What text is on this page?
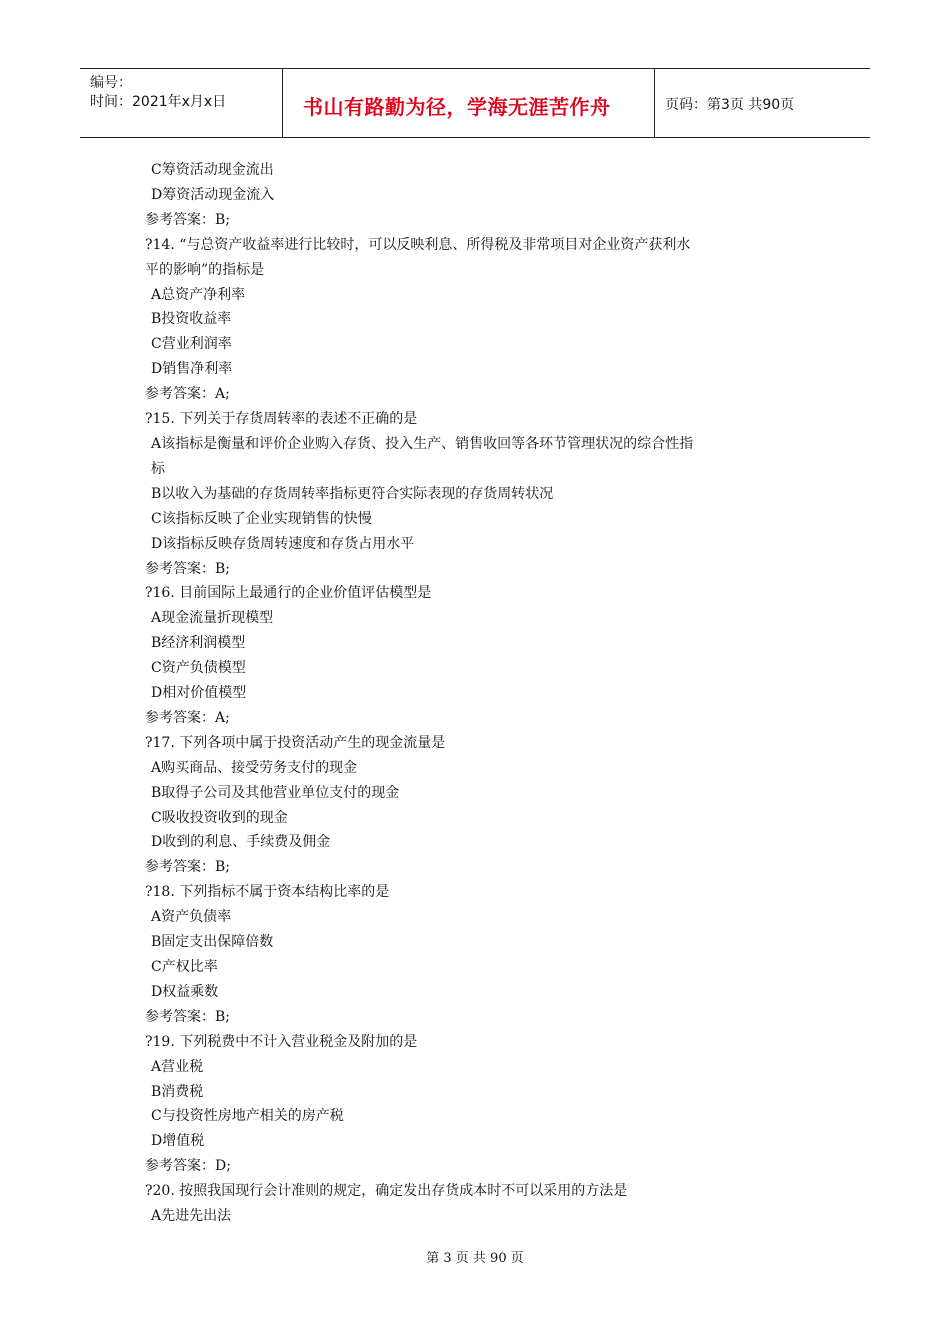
编号：
时间：2021年x月x日	书山有路勤为径，学海无涯苦作舟	页码：第3页 共90页
C筹资活动现金流出
D筹资活动现金流入
参考答案：B;
?14. “与总资产收益率进行比较时，可以反映利息、所得税及非常项目对企业资产获利水
平的影响”的指标是
A总资产净利率
B投资收益率
C营业利润率
D销售净利率
参考答案：A;
?15. 下列关于存货周转率的表述不正确的是
A该指标是衡量和评价企业购入存货、投入生产、销售收回等各环节管理状况的综合性指
标
B以收入为基础的存货周转率指标更符合实际表现的存货周转状况
C该指标反映了企业实现销售的快慢
D该指标反映存货周转速度和存货占用水平
参考答案：B;
?16. 目前国际上最通行的企业价值评估模型是
A现金流量折现模型
B经济利润模型
C资产负债模型
D相对价值模型
参考答案：A;
?17. 下列各项中属于投资活动产生的现金流量是
A购买商品、接受劳务支付的现金
B取得子公司及其他营业单位支付的现金
C吸收投资收到的现金
D收到的利息、手续费及佣金
参考答案：B;
?18. 下列指标不属于资本结构比率的是
A资产负债率
B固定支出保障倍数
C产权比率
D权益乘数
参考答案：B;
?19. 下列税费中不计入营业税金及附加的是
A营业税
B消费税
C与投资性房地产相关的房产税
D增值税
参考答案：D;
?20. 按照我国现行会计准则的规定，确定发出存货成本时不可以采用的方法是
A先进先出法
第 3 页 共 90 页
